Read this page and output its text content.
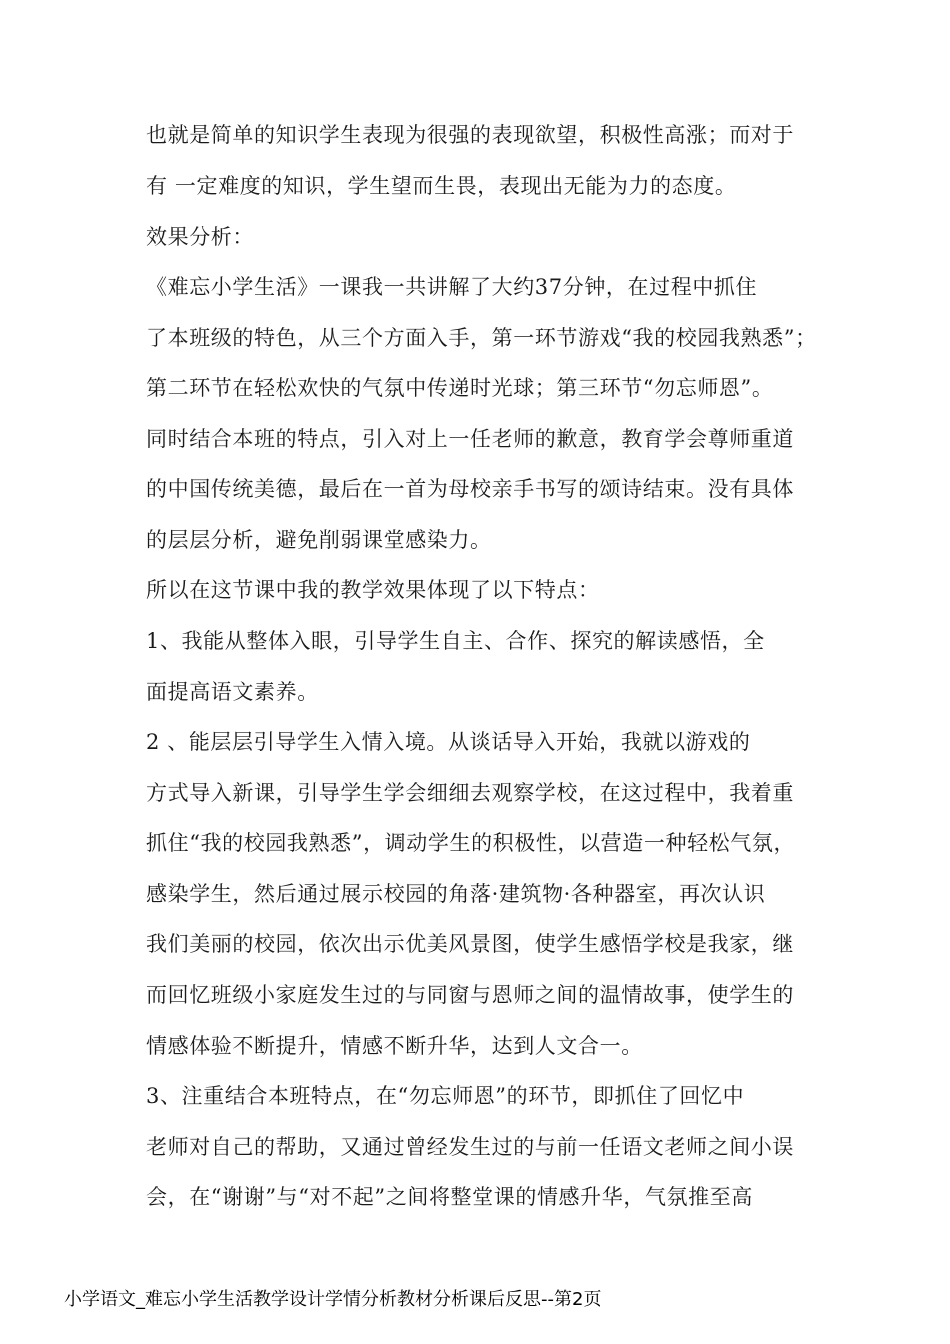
也就是简单的知识学生表现为很强的表现欲望，积极性高涨；而对于
有 一定难度的知识，学生望而生畏，表现出无能为力的态度。
效果分析：
《难忘小学生活》一课我一共讲解了大约37分钟，在过程中抓住
了本班级的特色，从三个方面入手，第一环节游戏“我的校园我熟悉”；
第二环节在轻松欢快的气氛中传递时光球；第三环节“勿忘师恩”。
同时结合本班的特点，引入对上一任老师的歉意，教育学会尊师重道
的中国传统美德，最后在一首为母校亲手书写的颂诗结束。没有具体
的层层分析，避免削弱课堂感染力。
所以在这节课中我的教学效果体现了以下特点：
1、我能从整体入眼，引导学生自主、合作、探究的解读感悟，全
面提高语文素养。
2 、能层层引导学生入情入境。从谈话导入开始，我就以游戏的
方式导入新课，引导学生学会细细去观察学校，在这过程中，我着重
抓住“我的校园我熟悉”，调动学生的积极性，以营造一种轻松气氛，
感染学生，然后通过展示校园的角落·建筑物·各种器室，再次认识
我们美丽的校园，依次出示优美风景图，使学生感悟学校是我家，继
而回忆班级小家庭发生过的与同窗与恩师之间的温情故事，使学生的
情感体验不断提升，情感不断升华，达到人文合一。
3、注重结合本班特点，在“勿忘师恩”的环节，即抓住了回忆中
老师对自己的帮助，又通过曾经发生过的与前一任语文老师之间小误
会，在“谢谢”与“对不起”之间将整堂课的情感升华，气氛推至高
小学语文_难忘小学生活教学设计学情分析教材分析课后反思--第2页
